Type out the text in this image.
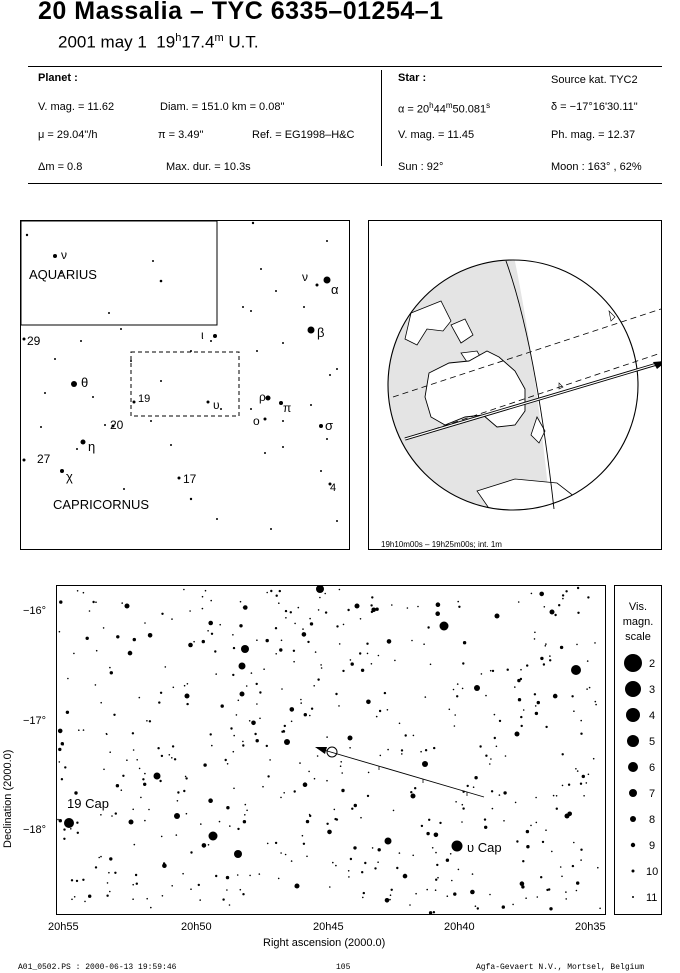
20 Massalia – TYC 6335–01254–1
2001 may 1 19$^h$17.4$^m$ U.T.
Planet :
V. mag. = 11.62	Diam. = 151.0 km = 0.08"
μ = 29.04"/h	π = 3.49"	Ref. = EG1998–H&C
Δm = 0.8	Max. dur. = 10.3s
Star :	Source kat. TYC2
$\alpha = 20^h44^m50.081^s$	δ = −17°16'30.11"
V. mag. = 11.45	Ph. mag. = 12.37
Sun : 92°	Moon : 163° , 62%
AQUARIUS
CAPRICORNUS
ν
ν
α
β
ι
θ
19	υ
ρ
π
o	σ
20
η
29
27
χ	17
4
19h10m00s – 19h25m00s; int. 1m
19 Cap
υ Cap
−16°
−17°
−18°
20h55	20h50	20h45	20h40	20h35
Right ascension (2000.0)
Declination (2000.0)
Vis.
magn.
scale
2
3
4
5
6
7
8
9
10
11
A01_0502.PS : 2000-06-13 19:59:46	105	Agfa-Gevaert N.V., Mortsel, Belgium
